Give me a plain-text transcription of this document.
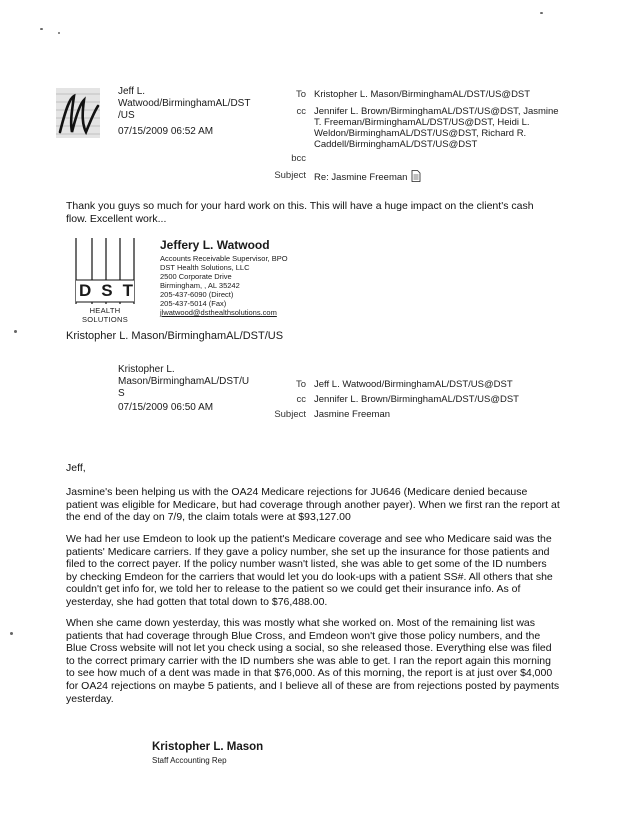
Jeff L.
Watwood/BirminghamAL/DST
/US
07/15/2009 06:52 AM
To Kristopher L. Mason/BirminghamAL/DST/US@DST
cc Jennifer L. Brown/BirminghamAL/DST/US@DST, Jasmine
T. Freeman/BirminghamAL/DST/US@DST, Heidi L.
Weldon/BirminghamAL/DST/US@DST, Richard R.
Caddell/BirminghamAL/DST/US@DST
bcc
Subject Re: Jasmine Freeman
Thank you guys so much for your hard work on this. This will have a huge impact on the client's cash
flow. Excellent work...
D S T
HEALTH SOLUTIONS
Jeffery L. Watwood
Accounts Receivable Supervisor, BPO
DST Health Solutions, LLC
2500 Corporate Drive
Birmingham, , AL 35242
205-437-6090 (Direct)
205-437-5014 (Fax)
jlwatwood@dsthealthsolutions.com
Kristopher L. Mason/BirminghamAL/DST/US
Kristopher L.
Mason/BirminghamAL/DST/U
S
07/15/2009 06:50 AM
To Jeff L. Watwood/BirminghamAL/DST/US@DST
cc Jennifer L. Brown/BirminghamAL/DST/US@DST
Subject Jasmine Freeman
Jeff,
Jasmine's been helping us with the OA24 Medicare rejections for JU646 (Medicare denied because
patient was eligible for Medicare, but had coverage through another payer). When we first ran the report at
the end of the day on 7/9, the claim totals were at $93,127.00
We had her use Emdeon to look up the patient's Medicare coverage and see who Medicare said was the
patients' Medicare carriers. If they gave a policy number, she set up the insurance for those patients and
filed to the correct payer. If the policy number wasn't listed, she was able to get some of the ID numbers
by checking Emdeon for the carriers that would let you do look-ups with a patient SS#. All others that she
couldn't get info for, we told her to release to the patient so we could get their insurance info. As of
yesterday, she had gotten that total down to $76,488.00.
When she came down yesterday, this was mostly what she worked on. Most of the remaining list was
patients that had coverage through Blue Cross, and Emdeon won't give those policy numbers, and the
Blue Cross website will not let you check using a social, so she released those. Everything else was filed
to the correct primary carrier with the ID numbers she was able to get. I ran the report again this morning
to see how much of a dent was made in that $76,000. As of this morning, the report is at just over $4,000
for OA24 rejections on maybe 5 patients, and I believe all of these are from rejections posted by payments
yesterday.
Kristopher L. Mason
Staff Accounting Rep
